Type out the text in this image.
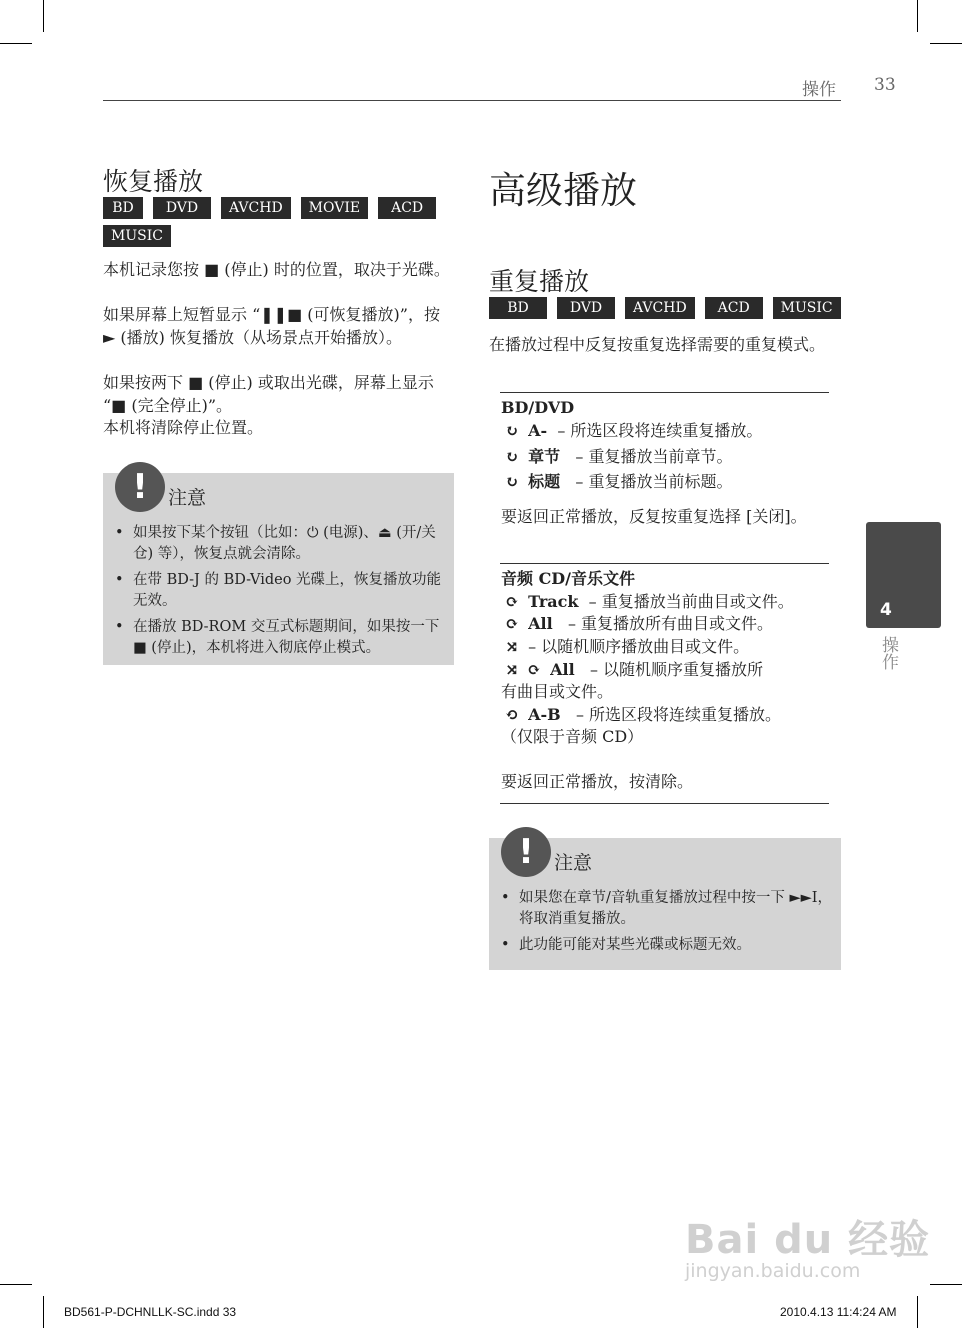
操作 33
恢复播放
BD	DVD	AVCHD	MOVIE	ACD
MUSIC

本机记录您按 ■ (停止) 时的位置，取决于光碟。

如果屏幕上短暂显示 “❚❚■ (可恢复播放)”，按 ► (播放) 恢复播放（从场景点开始播放）。

如果按两下 ■ (停止) 或取出光碟，屏幕上显示 “■ (完全停止)”。

本机将清除停止位置。

!	注意
• 如果按下某个按钮（比如：⏻ (电源)、⏏ (开/关仓) 等），恢复点就会清除。
• 在带 BD-J 的 BD-Video 光碟上，恢复播放功能无效。
• 在播放 BD-ROM 交互式标题期间，如果按一下 ■ (停止)，本机将进入彻底停止模式。
高级播放
重复播放
BD	DVD	AVCHD	ACD	MUSIC

在播放过程中反复按重复选择需要的重复模式。

BD/DVD
↻ A- – 所选区段将连续重复播放。
↻ 章节 – 重复播放当前章节。
↻ 标题 – 重复播放当前标题。

要返回正常播放，反复按重复选择 [关闭]。

音频 CD/音乐文件
⟳ Track – 重复播放当前曲目或文件。
⟳ All – 重复播放所有曲目或文件。
⤨ – 以随机顺序播放曲目或文件。
⤨ ⟳ All – 以随机顺序重复播放所
有曲目或文件。
⟲ A-B – 所选区段将连续重复播放。
（仅限于音频 CD）

要返回正常播放，按清除。

!	注意
• 如果您在章节/音轨重复播放过程中按一下 ►►I，将取消重复播放。
• 此功能可能对某些光碟或标题无效。
4
操作
Bai du 经验
jingyan.baidu.com
BD561-P-DCHNLLK-SC.indd 33	2010.4.13 11:4:24 AM
